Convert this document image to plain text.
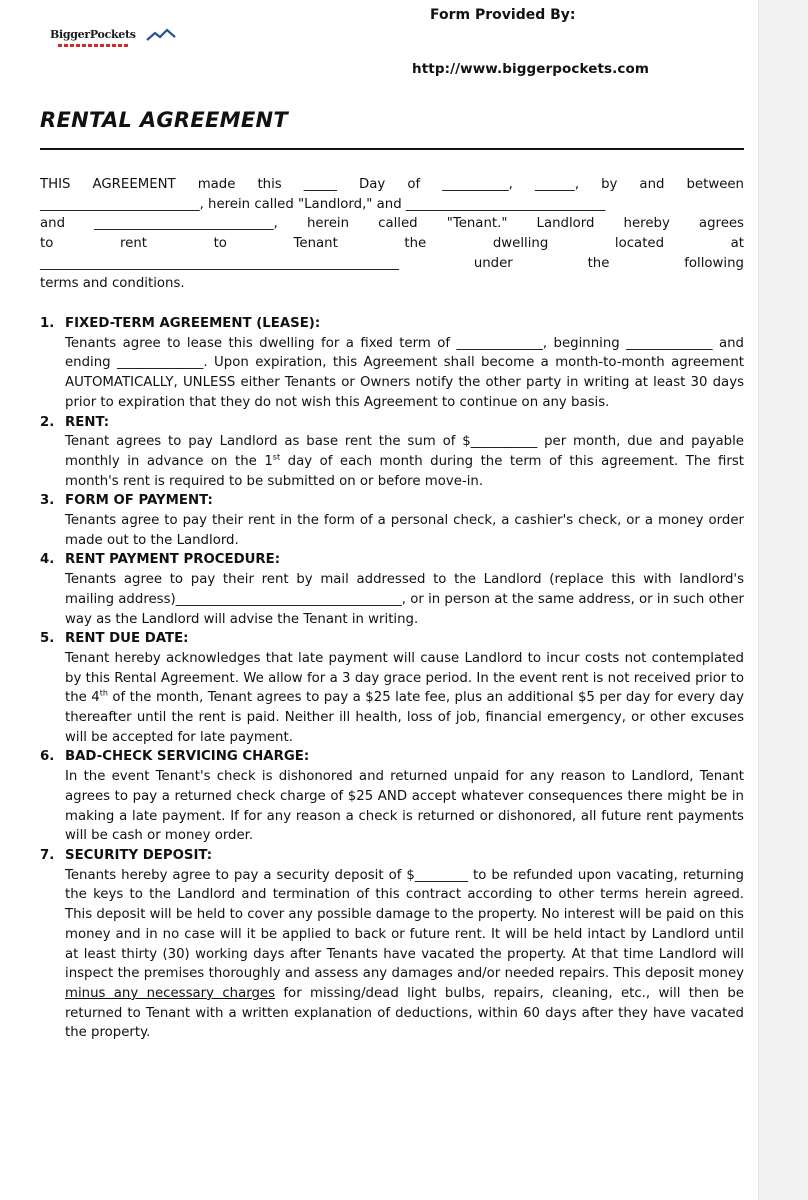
BiggerPockets
Form Provided By:
http://www.biggerpockets.com
RENTAL AGREEMENT

THIS AGREEMENT made this _____ Day of __________, ______, by and between

________________________, herein called "Landlord," and ______________________________

and ___________________________, herein called "Tenant." Landlord hereby agrees

to rent to Tenant the dwelling located at

______________________________________________________ under the following

terms and conditions.

1. FIXED-TERM AGREEMENT (LEASE):

Tenants agree to lease this dwelling for a fixed term of _____________, beginning _____________ and ending _____________. Upon expiration, this Agreement shall become a month-to-month agreement AUTOMATICALLY, UNLESS either Tenants or Owners notify the other party in writing at least 30 days prior to expiration that they do not wish this Agreement to continue on any basis.

2. RENT:

Tenant agrees to pay Landlord as base rent the sum of $__________ per month, due and payable monthly in advance on the 1st day of each month during the term of this agreement. The first month's rent is required to be submitted on or before move-in.

3. FORM OF PAYMENT:

Tenants agree to pay their rent in the form of a personal check, a cashier's check, or a money order made out to the Landlord.

4. RENT PAYMENT PROCEDURE:

Tenants agree to pay their rent by mail addressed to the Landlord (replace this with landlord's mailing address)__________________________________, or in person at the same address, or in such other way as the Landlord will advise the Tenant in writing.

5. RENT DUE DATE:

Tenant hereby acknowledges that late payment will cause Landlord to incur costs not contemplated by this Rental Agreement. We allow for a 3 day grace period. In the event rent is not received prior to the 4th of the month, Tenant agrees to pay a $25 late fee, plus an additional $5 per day for every day thereafter until the rent is paid. Neither ill health, loss of job, financial emergency, or other excuses will be accepted for late payment.

6. BAD-CHECK SERVICING CHARGE:

In the event Tenant's check is dishonored and returned unpaid for any reason to Landlord, Tenant agrees to pay a returned check charge of $25 AND accept whatever consequences there might be in making a late payment. If for any reason a check is returned or dishonored, all future rent payments will be cash or money order.

7. SECURITY DEPOSIT:

Tenants hereby agree to pay a security deposit of $________ to be refunded upon vacating, returning the keys to the Landlord and termination of this contract according to other terms herein agreed. This deposit will be held to cover any possible damage to the property. No interest will be paid on this money and in no case will it be applied to back or future rent. It will be held intact by Landlord until at least thirty (30) working days after Tenants have vacated the property. At that time Landlord will inspect the premises thoroughly and assess any damages and/or needed repairs. This deposit money minus any necessary charges for missing/dead light bulbs, repairs, cleaning, etc., will then be returned to Tenant with a written explanation of deductions, within 60 days after they have vacated the property.
